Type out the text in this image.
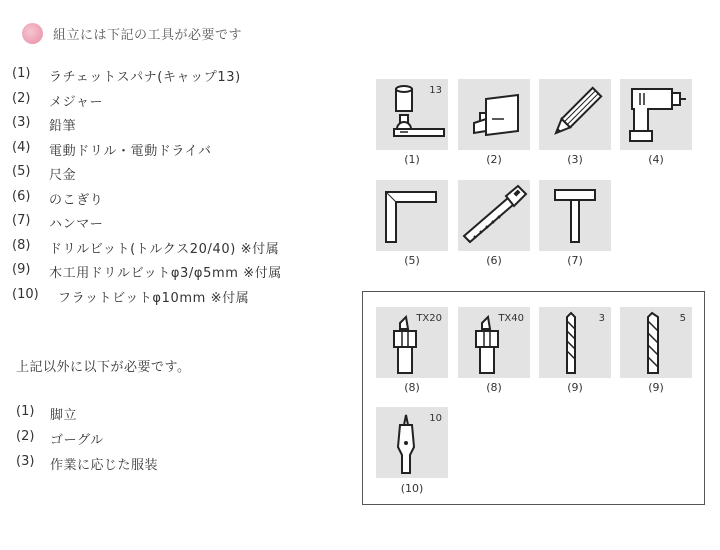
組立には下記の工具が必要です
(1) ラチェットスパナ(キャップ13)
(2) メジャー
(3) 鉛筆
(4) 電動ドリル・電動ドライバ
(5) 尺金
(6) のこぎり
(7) ハンマー
(8) ドリルビット(トルクス20/40) ※付属
(9) 木工用ドリルビットφ3/φ5mm ※付属
(10) フラットビットφ10mm ※付属
上記以外に以下が必要です。
(1) 脚立
(2) ゴーグル
(3) 作業に応じた服装
13
(1)	(2)	(3)	(4)
(5)	(6)	(7)
TX20
(8)
TX40
(8)
3
(9)
5
(9)
10
(10)
